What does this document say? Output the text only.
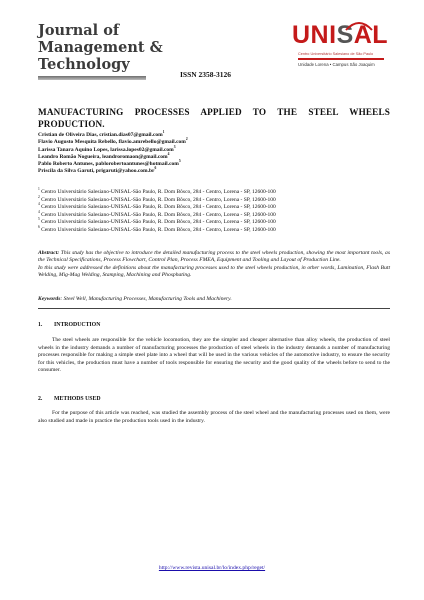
Journal of
Management &
Technology
ISSN 2358-3126
UNISAL
Centro Universitário Salesiano de São Paulo
Unidade Lorena • Campus São Joaquim
MANUFACTURING PROCESSES APPLIED TO THE STEEL WHEELS PRODUCTION.
Cristian de Oliveira Dias, cristian.dias07@gmail.com$^1$
Flavio Augusto Mesquita Rebello, flavio.amrebello@gmail.com$^2$
Larissa Tanara Aquino Lopes, larissa.lopes02@gmail.com$^3$
Leandro Romão Nogueira, leandroromaon@gmail.com$^4$
Pablo Roberto Antunes, pablorobertoantunes@hotmail.com$^5$
Priscila da Silva Garuti, $prigaruti@yahoo.com.br^6$
$^1$ Centro Universitário Salesiano-UNISAL-São Paulo, R. Dom Bôsco, 284 - Centro, Lorena - SP, 12600-100
$^2$ Centro Universitário Salesiano-UNISAL-São Paulo, R. Dom Bôsco, 284 - Centro, Lorena - SP, 12600-100
$^4$ Centro Universitário Salesiano-UNISAL-São Paulo, R. Dom Bôsco, 284 - Centro, Lorena - SP, 12600-100
$^4$ Centro Universitário Salesiano-UNISAL-São Paulo, R. Dom Bôsco, 284 - Centro, Lorena - SP, 12600-100
$^5$ Centro Universitário Salesiano-UNISAL-São Paulo, R. Dom Bôsco, 284 - Centro, Lorena - SP, 12600-100
$^6$ Centro Universitário Salesiano-UNISAL-São Paulo, R. Dom Bôsco, 284 - Centro, Lorena - SP, 12600-100
Abstract: This study has the objective to introduce the detailed manufacturing process to the steel wheels production, showing the most important tools, as the Technical Specifications, Process Flowchart, Control Plan, Process FMEA, Equipment and Tooling and Layout of Production Line.
In this study were addressed the definitions about the manufacturing processes used to the steel wheels production, in other words, Lamination, Flash Butt Welding, Mig-Mag Welding, Stamping, Machining and Phosphating.
Keywords: Steel Well, Manufacturing Processes, Manufacturing Tools and Machinery.
1. INTRODUCTION
The steel wheels are responsible for the vehicle locomotion, they are the simpler and cheaper alternative than alloy wheels, the production of steel wheels in the industry demands a number of manufacturing processes the production of steel wheels in the industry demands a number of manufacturing processes responsible for making a simple steel plate into a wheel that will be used in the various vehicles of the automotive industry, to ensure the security for this vehicles, the production must have a number of tools responsible for ensuring the security and the good quality of the wheels before to send to the consumer.
2. METHODS USED
For the purpose of this article was reached, was studied the assembly process of the steel wheel and the manufacturing processes used on them, were also studied and made in practice the production tools used in the industry.
http://www.revista.unisal.br/lo/index.php/reget/
